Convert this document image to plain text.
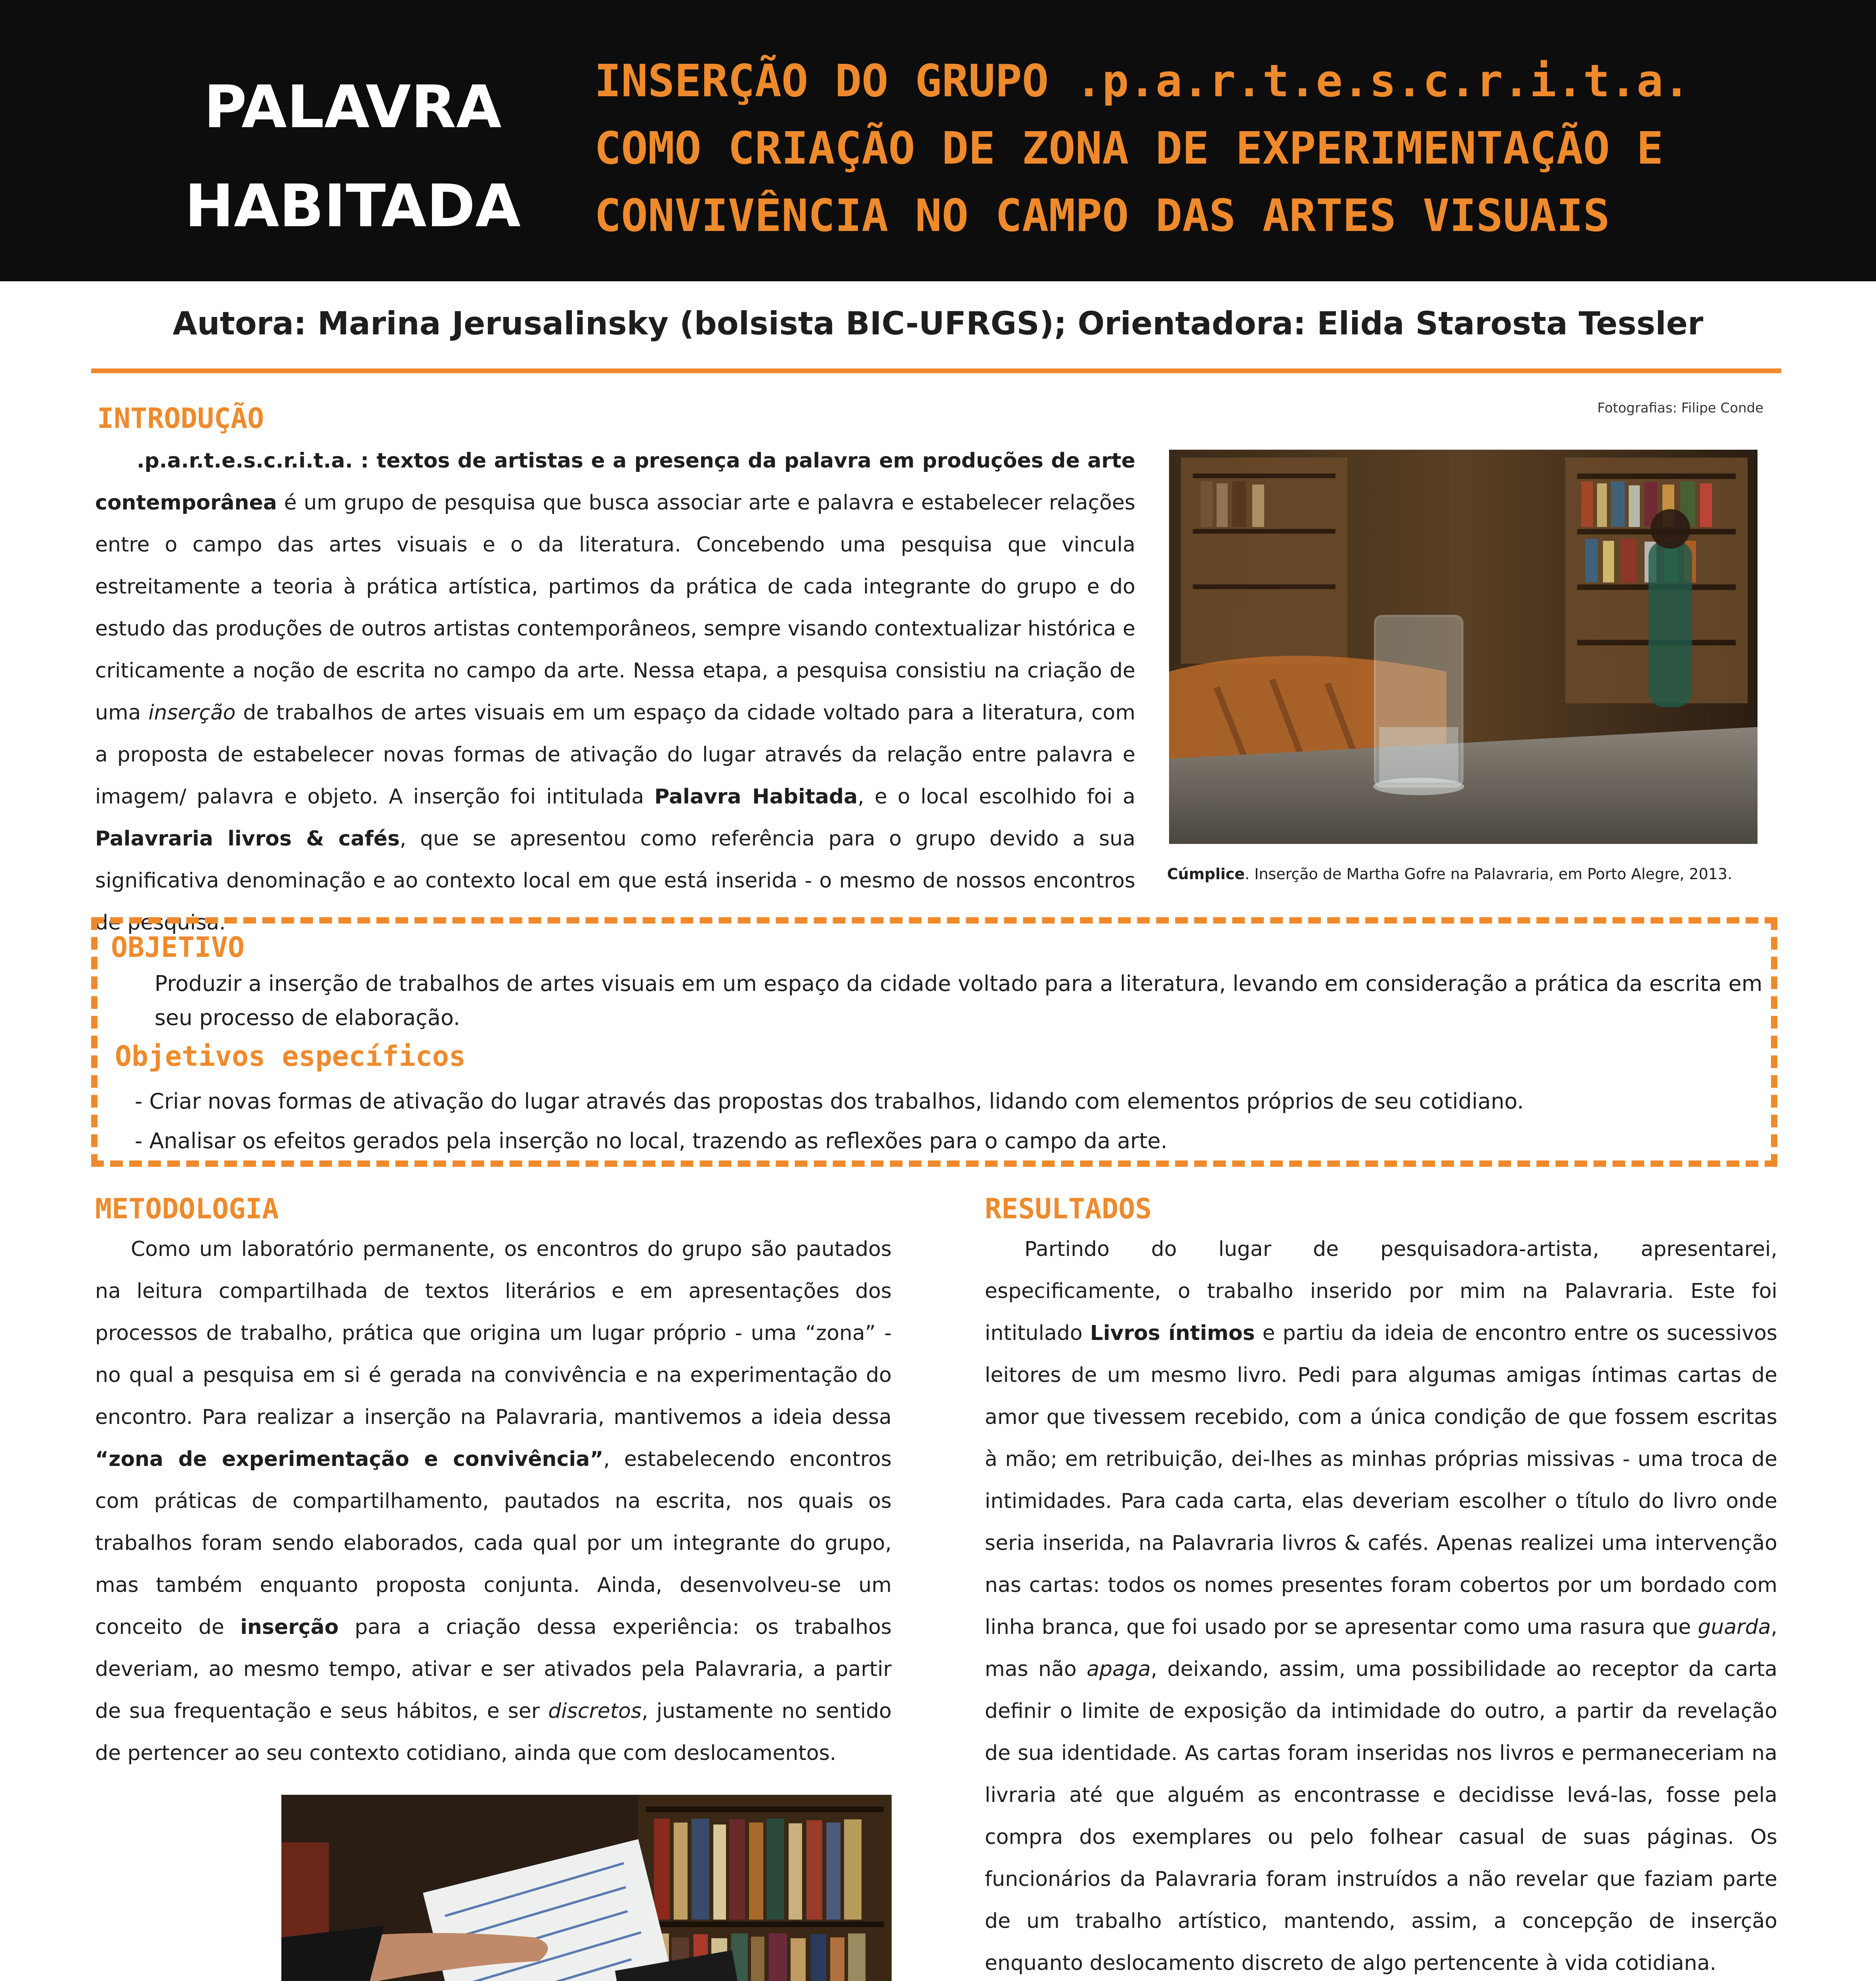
PALAVRA
HABITADA
INSERÇÃO DO GRUPO .p.a.r.t.e.s.c.r.i.t.a.
COMO CRIAÇÃO DE ZONA DE EXPERIMENTAÇÃO E
CONVIVÊNCIA NO CAMPO DAS ARTES VISUAIS
Autora: Marina Jerusalinsky (bolsista BIC-UFRGS); Orientadora: Elida Starosta Tessler
INTRODUÇÃO

.p.a.r.t.e.s.c.r.i.t.a. : textos de artistas e a presença da palavra em produções de arte contemporânea é um grupo de pesquisa que busca associar arte e palavra e estabelecer relações entre o campo das artes visuais e o da literatura. Concebendo uma pesquisa que vincula estreitamente a teoria à prática artística, partimos da prática de cada integrante do grupo e do estudo das produções de outros artistas contemporâneos, sempre visando contextualizar histórica e criticamente a noção de escrita no campo da arte. Nessa etapa, a pesquisa consistiu na criação de uma inserção de trabalhos de artes visuais em um espaço da cidade voltado para a literatura, com a proposta de estabelecer novas formas de ativação do lugar através da relação entre palavra e imagem/ palavra e objeto. A inserção foi intitulada Palavra Habitada, e o local escolhido foi a Palavraria livros & cafés, que se apresentou como referência para o grupo devido a sua significativa denominação e ao contexto local em que está inserida - o mesmo de nossos encontros de pesquisa.

Fotografias: Filipe Conde
Cúmplice. Inserção de Martha Gofre na Palavraria, em Porto Alegre, 2013.
OBJETIVO
Produzir a inserção de trabalhos de artes visuais em um espaço da cidade voltado para a literatura, levando em consideração a prática da escrita em seu processo de elaboração.
Objetivos específicos
- Criar novas formas de ativação do lugar através das propostas dos trabalhos, lidando com elementos próprios de seu cotidiano.
- Analisar os efeitos gerados pela inserção no local, trazendo as reflexões para o campo da arte.
METODOLOGIA

Como um laboratório permanente, os encontros do grupo são pautados na leitura compartilhada de textos literários e em apresentações dos processos de trabalho, prática que origina um lugar próprio - uma “zona” - no qual a pesquisa em si é gerada na convivência e na experimentação do encontro. Para realizar a inserção na Palavraria, mantivemos a ideia dessa “zona de experimentação e convivência”, estabelecendo encontros com práticas de compartilhamento, pautados na escrita, nos quais os trabalhos foram sendo elaborados, cada qual por um integrante do grupo, mas também enquanto proposta conjunta. Ainda, desenvolveu-se um conceito de inserção para a criação dessa experiência: os trabalhos deveriam, ao mesmo tempo, ativar e ser ativados pela Palavraria, a partir de sua frequentação e seus hábitos, e ser discretos, justamente no sentido de pertencer ao seu contexto cotidiano, ainda que com deslocamentos.

RESULTADOS

Partindo do lugar de pesquisadora-artista, apresentarei, especificamente, o trabalho inserido por mim na Palavraria. Este foi intitulado Livros íntimos e partiu da ideia de encontro entre os sucessivos leitores de um mesmo livro. Pedi para algumas amigas íntimas cartas de amor que tivessem recebido, com a única condição de que fossem escritas à mão; em retribuição, dei-lhes as minhas próprias missivas - uma troca de intimidades. Para cada carta, elas deveriam escolher o título do livro onde seria inserida, na Palavraria livros & cafés. Apenas realizei uma intervenção nas cartas: todos os nomes presentes foram cobertos por um bordado com linha branca, que foi usado por se apresentar como uma rasura que guarda, mas não apaga, deixando, assim, uma possibilidade ao receptor da carta definir o limite de exposição da intimidade do outro, a partir da revelação de sua identidade. As cartas foram inseridas nos livros e permaneceriam na livraria até que alguém as encontrasse e decidisse levá-las, fosse pela compra dos exemplares ou pelo folhear casual de suas páginas. Os funcionários da Palavraria foram instruídos a não revelar que faziam parte de um trabalho artístico, mantendo, assim, a concepção de inserção enquanto deslocamento discreto de algo pertencente à vida cotidiana.
